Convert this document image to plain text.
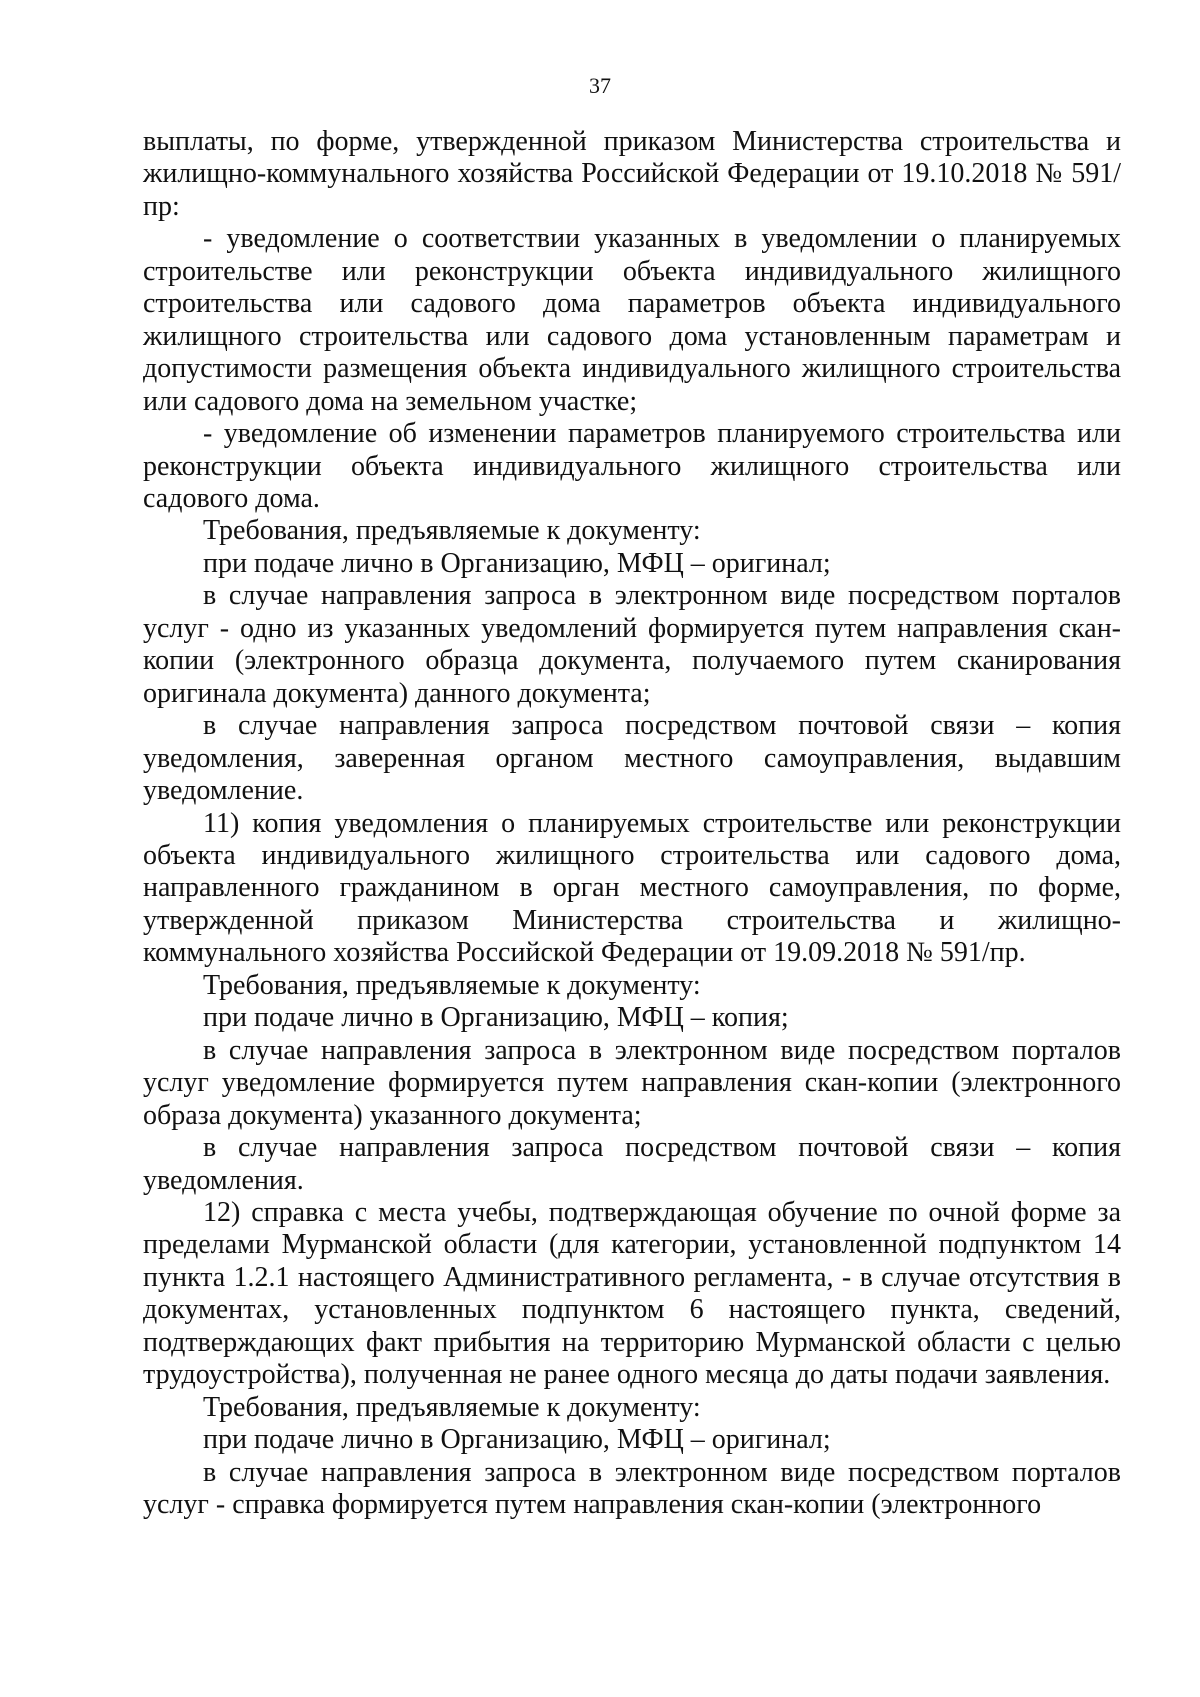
37

выплаты, по форме, утвержденной приказом Министерства строительства и жилищно-коммунального хозяйства Российской Федерации от 19.10.2018 № 591/пр:

- уведомление о соответствии указанных в уведомлении о планируемых строительстве или реконструкции объекта индивидуального жилищного строительства или садового дома параметров объекта индивидуального жилищного строительства или садового дома установленным параметрам и допустимости размещения объекта индивидуального жилищного строительства или садового дома на земельном участке;

- уведомление об изменении параметров планируемого строительства или реконструкции объекта индивидуального жилищного строительства или садового дома.

Требования, предъявляемые к документу:

при подаче лично в Организацию, МФЦ – оригинал;

в случае направления запроса в электронном виде посредством порталов услуг - одно из указанных уведомлений формируется путем направления скан-копии (электронного образца документа, получаемого путем сканирования оригинала документа) данного документа;

в случае направления запроса посредством почтовой связи – копия уведомления, заверенная органом местного самоуправления, выдавшим уведомление.

11) копия уведомления о планируемых строительстве или реконструкции объекта индивидуального жилищного строительства или садового дома, направленного гражданином в орган местного самоуправления, по форме, утвержденной приказом Министерства строительства и жилищно-коммунального хозяйства Российской Федерации от 19.09.2018 № 591/пр.

Требования, предъявляемые к документу:

при подаче лично в Организацию, МФЦ – копия;

в случае направления запроса в электронном виде посредством порталов услуг уведомление формируется путем направления скан-копии (электронного образа документа) указанного документа;

в случае направления запроса посредством почтовой связи – копия уведомления.

12) справка с места учебы, подтверждающая обучение по очной форме за пределами Мурманской области (для категории, установленной подпунктом 14 пункта 1.2.1 настоящего Административного регламента, - в случае отсутствия в документах, установленных подпунктом 6 настоящего пункта, сведений, подтверждающих факт прибытия на территорию Мурманской области с целью трудоустройства), полученная не ранее одного месяца до даты подачи заявления.

Требования, предъявляемые к документу:

при подаче лично в Организацию, МФЦ – оригинал;

в случае направления запроса в электронном виде посредством порталов услуг - справка формируется путем направления скан-копии (электронного
